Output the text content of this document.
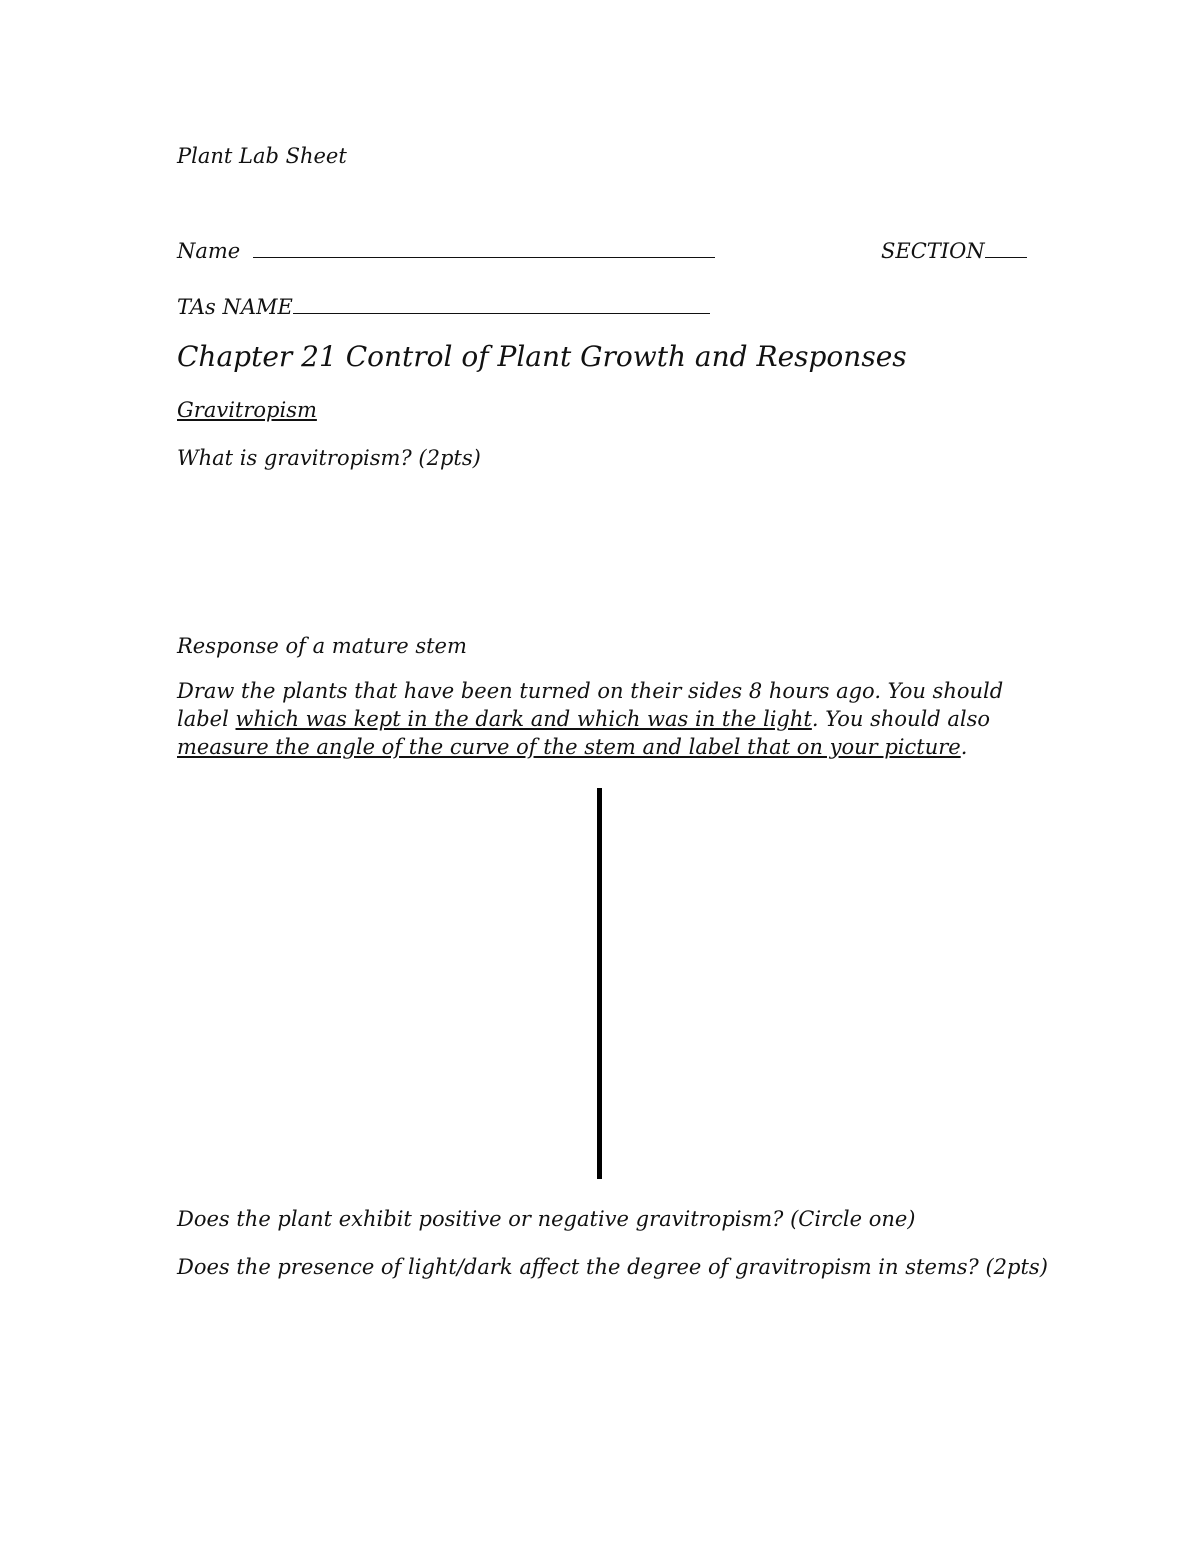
Plant Lab Sheet
Name	SECTION
TAs NAME
Chapter 21 Control of Plant Growth and Responses
Gravitropism
What is gravitropism? (2pts)
Response of a mature stem
Draw the plants that have been turned on their sides 8 hours ago. You should label which was kept in the dark and which was in the light. You should also measure the angle of the curve of the stem and label that on your picture.
Does the plant exhibit positive or negative gravitropism? (Circle one)
Does the presence of light/dark affect the degree of gravitropism in stems? (2pts)
